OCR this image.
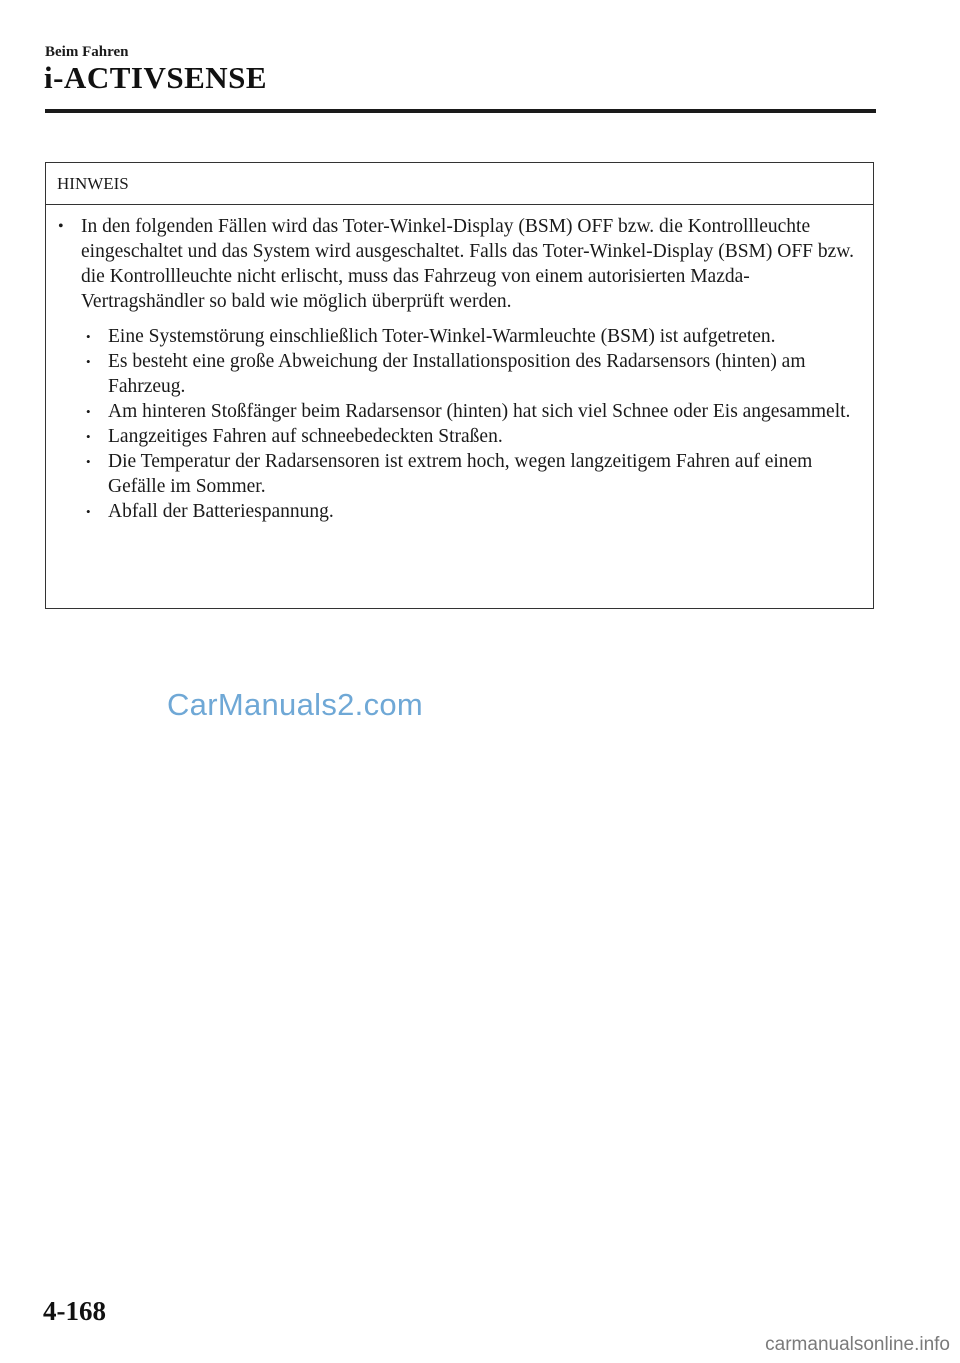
Beim Fahren
i-ACTIVSENSE
HINWEIS
• In den folgenden Fällen wird das Toter-Winkel-Display (BSM) OFF bzw. die Kontrollleuchte eingeschaltet und das System wird ausgeschaltet. Falls das Toter-Winkel-Display (BSM) OFF bzw. die Kontrollleuchte nicht erlischt, muss das Fahrzeug von einem autorisierten Mazda-Vertragshändler so bald wie möglich überprüft werden.
• Eine Systemstörung einschließlich Toter-Winkel-Warmleuchte (BSM) ist aufgetreten.
• Es besteht eine große Abweichung der Installationsposition des Radarsensors (hinten) am Fahrzeug.
• Am hinteren Stoßfänger beim Radarsensor (hinten) hat sich viel Schnee oder Eis angesammelt.
• Langzeitiges Fahren auf schneebedeckten Straßen.
• Die Temperatur der Radarsensoren ist extrem hoch, wegen langzeitigem Fahren auf einem Gefälle im Sommer.
• Abfall der Batteriespannung.
CarManuals2.com
4-168
carmanualsonline.info
